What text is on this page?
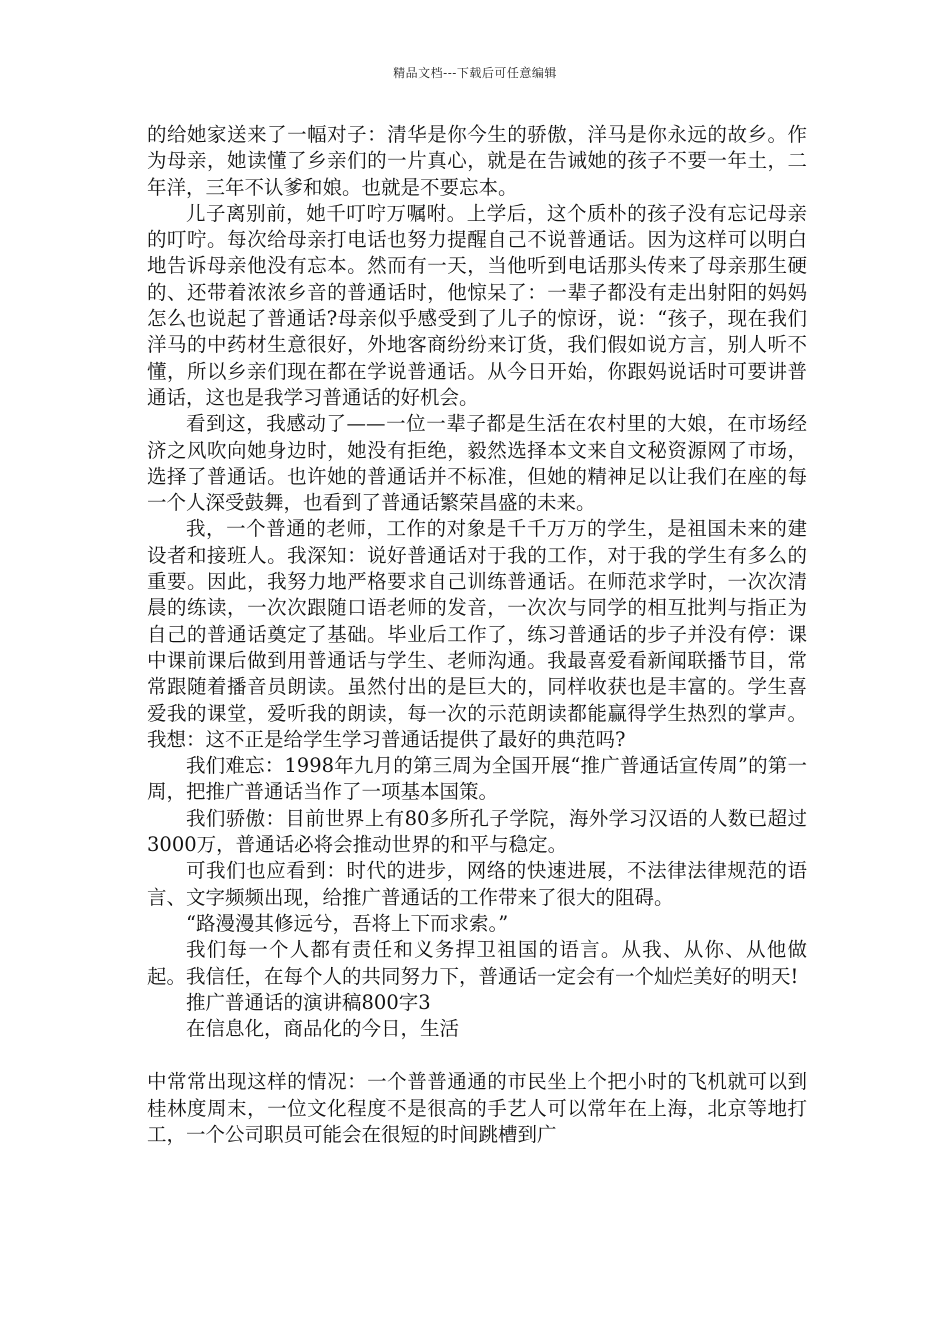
精品文档---下载后可任意编辑

的给她家送来了一幅对子：清华是你今生的骄傲，洋马是你永远的故乡。作为母亲，她读懂了乡亲们的一片真心，就是在告诫她的孩子不要一年土，二年洋，三年不认爹和娘。也就是不要忘本。

儿子离别前，她千叮咛万嘱咐。上学后，这个质朴的孩子没有忘记母亲的叮咛。每次给母亲打电话也努力提醒自己不说普通话。因为这样可以明白地告诉母亲他没有忘本。然而有一天，当他听到电话那头传来了母亲那生硬的、还带着浓浓乡音的普通话时，他惊呆了：一辈子都没有走出射阳的妈妈怎么也说起了普通话?母亲似乎感受到了儿子的惊讶，说：“孩子，现在我们洋马的中药材生意很好，外地客商纷纷来订货，我们假如说方言，别人听不懂，所以乡亲们现在都在学说普通话。从今日开始，你跟妈说话时可要讲普通话，这也是我学习普通话的好机会。

看到这，我感动了——一位一辈子都是生活在农村里的大娘，在市场经济之风吹向她身边时，她没有拒绝，毅然选择本文来自文秘资源网了市场，选择了普通话。也许她的普通话并不标准，但她的精神足以让我们在座的每一个人深受鼓舞，也看到了普通话繁荣昌盛的未来。

我，一个普通的老师，工作的对象是千千万万的学生，是祖国未来的建设者和接班人。我深知：说好普通话对于我的工作，对于我的学生有多么的重要。因此，我努力地严格要求自己训练普通话。在师范求学时，一次次清晨的练读，一次次跟随口语老师的发音，一次次与同学的相互批判与指正为自己的普通话奠定了基础。毕业后工作了，练习普通话的步子并没有停：课中课前课后做到用普通话与学生、老师沟通。我最喜爱看新闻联播节目，常常跟随着播音员朗读。虽然付出的是巨大的，同样收获也是丰富的。学生喜爱我的课堂，爱听我的朗读，每一次的示范朗读都能赢得学生热烈的掌声。我想：这不正是给学生学习普通话提供了最好的典范吗?

我们难忘：1998年九月的第三周为全国开展“推广普通话宣传周”的第一周，把推广普通话当作了一项基本国策。

我们骄傲：目前世界上有80多所孔子学院，海外学习汉语的人数已超过3000万，普通话必将会推动世界的和平与稳定。

可我们也应看到：时代的进步，网络的快速进展，不法律法律规范的语言、文字频频出现，给推广普通话的工作带来了很大的阻碍。

“路漫漫其修远兮，吾将上下而求索。”

我们每一个人都有责任和义务捍卫祖国的语言。从我、从你、从他做起。我信任，在每个人的共同努力下，普通话一定会有一个灿烂美好的明天!

推广普通话的演讲稿800字3

在信息化，商品化的今日，生活

中常常出现这样的情况：一个普普通通的市民坐上个把小时的飞机就可以到桂林度周末，一位文化程度不是很高的手艺人可以常年在上海，北京等地打工，一个公司职员可能会在很短的时间跳槽到广
